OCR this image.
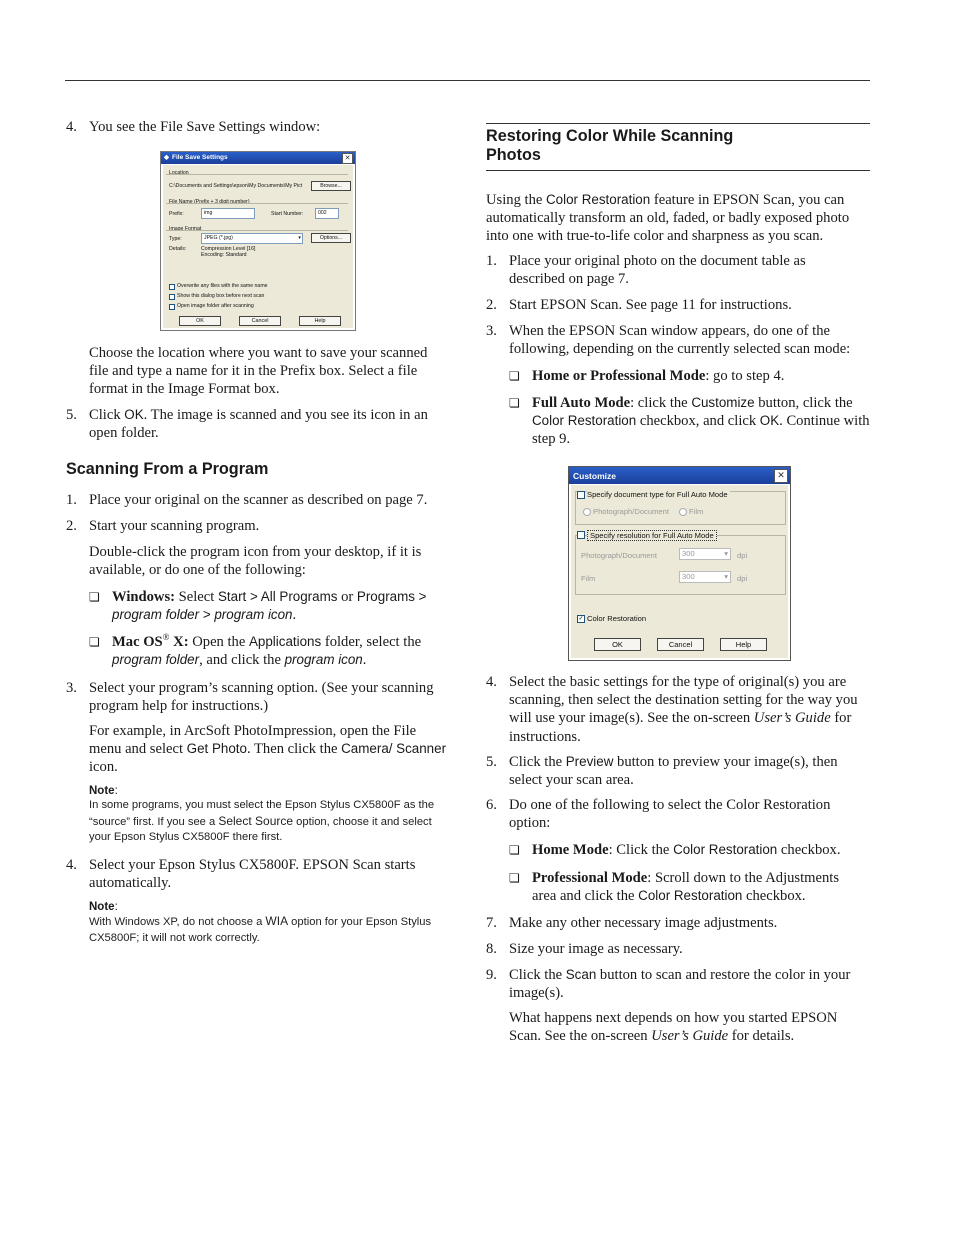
4. You see the File Save Settings window:
◆ File Save Settings	✕
Location
C:\Documents and Settings\epson\My Documents\My Pict	Browse...
File Name (Prefix + 3 digit number)
Prefix:	img	Start Number:	002
Image Format
Type:	JPEG (*.jpg)	▾	Options...
Details:	Compression Level [16]
Encoding: Standard
Overwrite any files with the same name
Show this dialog box before next scan
Open image folder after scanning
OK	Cancel	Help
Choose the location where you want to save your scanned file and type a name for it in the Prefix box. Select a file format in the Image Format box.
5. Click OK. The image is scanned and you see its icon in an open folder.
Scanning From a Program
1. Place your original on the scanner as described on page 7.
2. Start your scanning program.
Double-click the program icon from your desktop, if it is available, or do one of the following:
❏ Windows: Select Start > All Programs or Programs > program folder > program icon.
❏ Mac OS® X: Open the Applications folder, select the program folder, and click the program icon.
3. Select your program’s scanning option. (See your scanning program help for instructions.)
For example, in ArcSoft PhotoImpression, open the File menu and select Get Photo. Then click the Camera/ Scanner icon.
Note:
In some programs, you must select the Epson Stylus CX5800F as the “source” first. If you see a Select Source option, choose it and select your Epson Stylus CX5800F there first.
4. Select your Epson Stylus CX5800F. EPSON Scan starts automatically.
Note:
With Windows XP, do not choose a WIA option for your Epson Stylus CX5800F; it will not work correctly.
Restoring Color While Scanning
Photos
Using the Color Restoration feature in EPSON Scan, you can automatically transform an old, faded, or badly exposed photo into one with true-to-life color and sharpness as you scan.
1. Place your original photo on the document table as described on page 7.
2. Start EPSON Scan. See page 11 for instructions.
3. When the EPSON Scan window appears, do one of the following, depending on the currently selected scan mode:
❏ Home or Professional Mode: go to step 4.
❏ Full Auto Mode: click the Customize button, click the Color Restoration checkbox, and click OK. Continue with step 9.
Customize	✕
Specify document type for Full Auto Mode
Photograph/Document	Film
Specify resolution for Full Auto Mode
Photograph/Document	300	▾ dpi
Film	300	▾ dpi
✓ Color Restoration
OK	Cancel	Help
4. Select the basic settings for the type of original(s) you are scanning, then select the destination setting for the way you will use your image(s). See the on-screen User’s Guide for instructions.
5. Click the Preview button to preview your image(s), then select your scan area.
6. Do one of the following to select the Color Restoration option:
❏ Home Mode: Click the Color Restoration checkbox.
❏ Professional Mode: Scroll down to the Adjustments area and click the Color Restoration checkbox.
7. Make any other necessary image adjustments.
8. Size your image as necessary.
9. Click the Scan button to scan and restore the color in your image(s).
What happens next depends on how you started EPSON Scan. See the on-screen User’s Guide for details.
